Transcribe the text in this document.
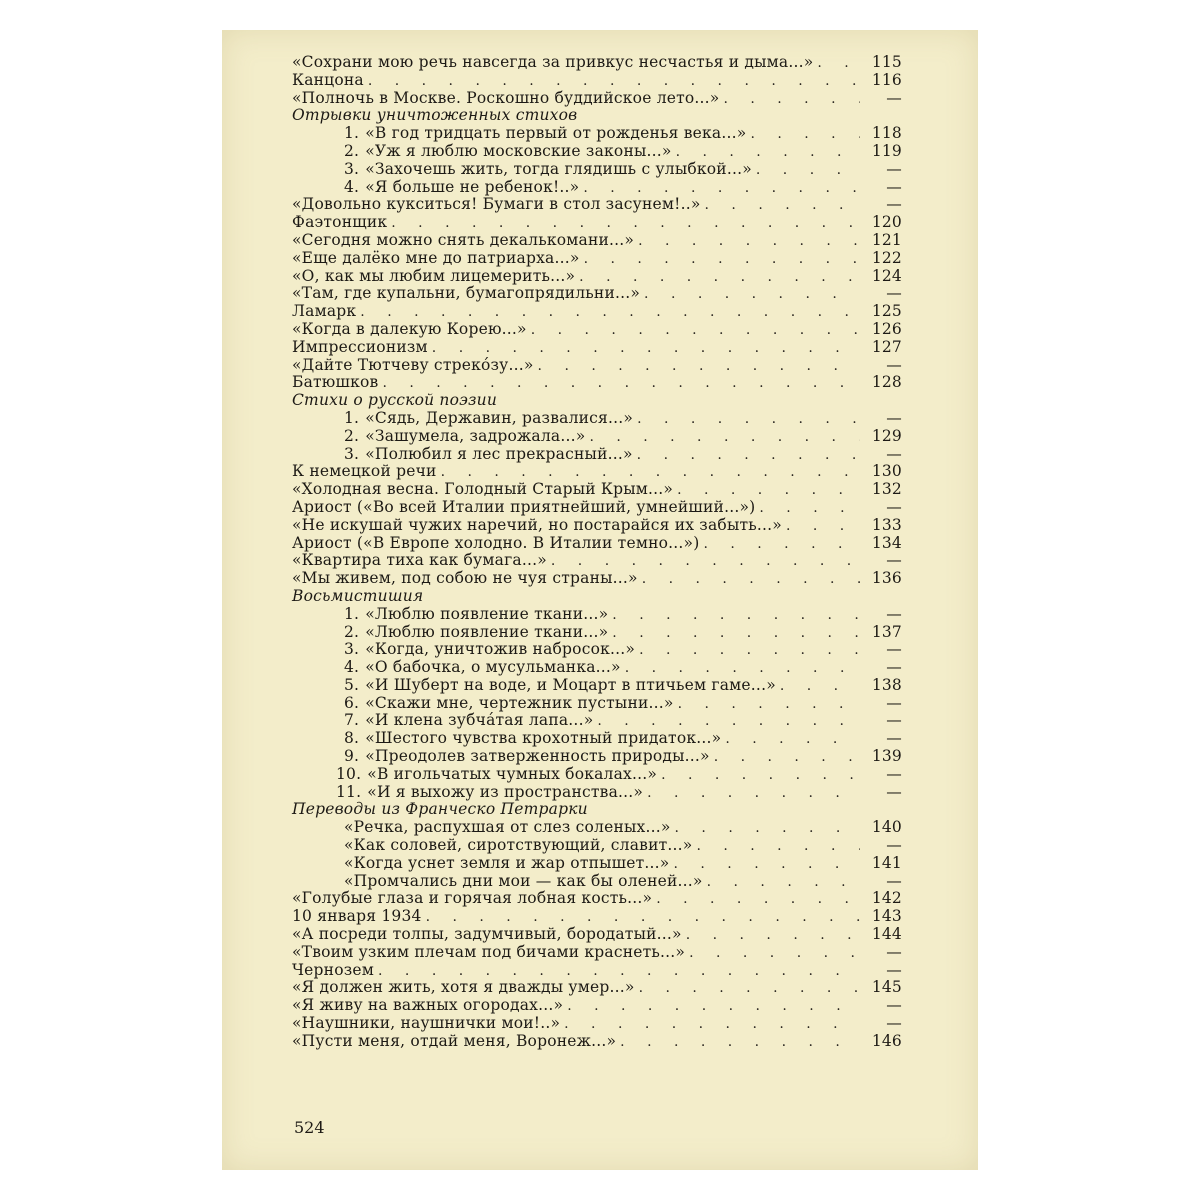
«Сохрани мою речь навсегда за привкус несчастья и дыма...» . . .	115
Канцона . . .	116
«Полночь в Москве. Роскошно буддийское лето...» . . .	—
Отрывки уничтоженных стихов
1. «В год тридцать первый от рожденья века...» . . .	118
2. «Уж я люблю московские законы...» . . .	119
3. «Захочешь жить, тогда глядишь с улыбкой...» . . .	—
4. «Я больше не ребенок!..» . . .	—
«Довольно кукситься! Бумаги в стол засунем!..» . . .	—
Фаэтонщик . . .	120
«Сегодня можно снять декалькомани...» . . .	121
«Еще далёко мне до патриарха...» . . .	122
«О, как мы любим лицемерить...» . . .	124
«Там, где купальни, бумагопрядильни...» . . .	—
Ламарк . . .	125
«Когда в далекую Корею...» . . .	126
Импрессионизм . . .	127
«Дайте Тютчеву стрекóзу...» . . .	—
Батюшков . . .	128
Стихи о русской поэзии
1. «Сядь, Державин, развалися...» . . .	—
2. «Зашумела, задрожала...» . . .	129
3. «Полюбил я лес прекрасный...» . . .	—
К немецкой речи . . .	130
«Холодная весна. Голодный Старый Крым...» . . .	132
Ариост («Во всей Италии приятнейший, умнейший...») . . .	—
«Не искушай чужих наречий, но постарайся их забыть...» . . .	133
Ариост («В Европе холодно. В Италии темно...») . . .	134
«Квартира тиха как бумага...» . . .	—
«Мы живем, под собою не чуя страны...» . . .	136
Восьмистишия
1. «Люблю появление ткани...» . . .	—
2. «Люблю появление ткани...» . . .	137
3. «Когда, уничтожив набросок...» . . .	—
4. «О бабочка, о мусульманка...» . . .	—
5. «И Шуберт на воде, и Моцарт в птичьем гаме...» . . .	138
6. «Скажи мне, чертежник пустыни...» . . .	—
7. «И клена зубчáтая лапа...» . . .	—
8. «Шестого чувства крохотный придаток...» . . .	—
9. «Преодолев затверженность природы...» . . .	139
10. «В игольчатых чумных бокалах...» . . .	—
11. «И я выхожу из пространства...» . . .	—
Переводы из Франческо Петрарки
«Речка, распухшая от слез соленых...» . . .	140
«Как соловей, сиротствующий, славит...» . . .	—
«Когда уснет земля и жар отпышет...» . . .	141
«Промчались дни мои — как бы оленей...» . . .	—
«Голубые глаза и горячая лобная кость...» . . .	142
10 января 1934 . . .	143
«А посреди толпы, задумчивый, бородатый...» . . .	144
«Твоим узким плечам под бичами краснеть...» . . .	—
Чернозем . . .	—
«Я должен жить, хотя я дважды умер...» . . .	145
«Я живу на важных огородах...» . . .	—
«Наушники, наушнички мои!..» . . .	—
«Пусти меня, отдай меня, Воронеж...» . . .	146
524
